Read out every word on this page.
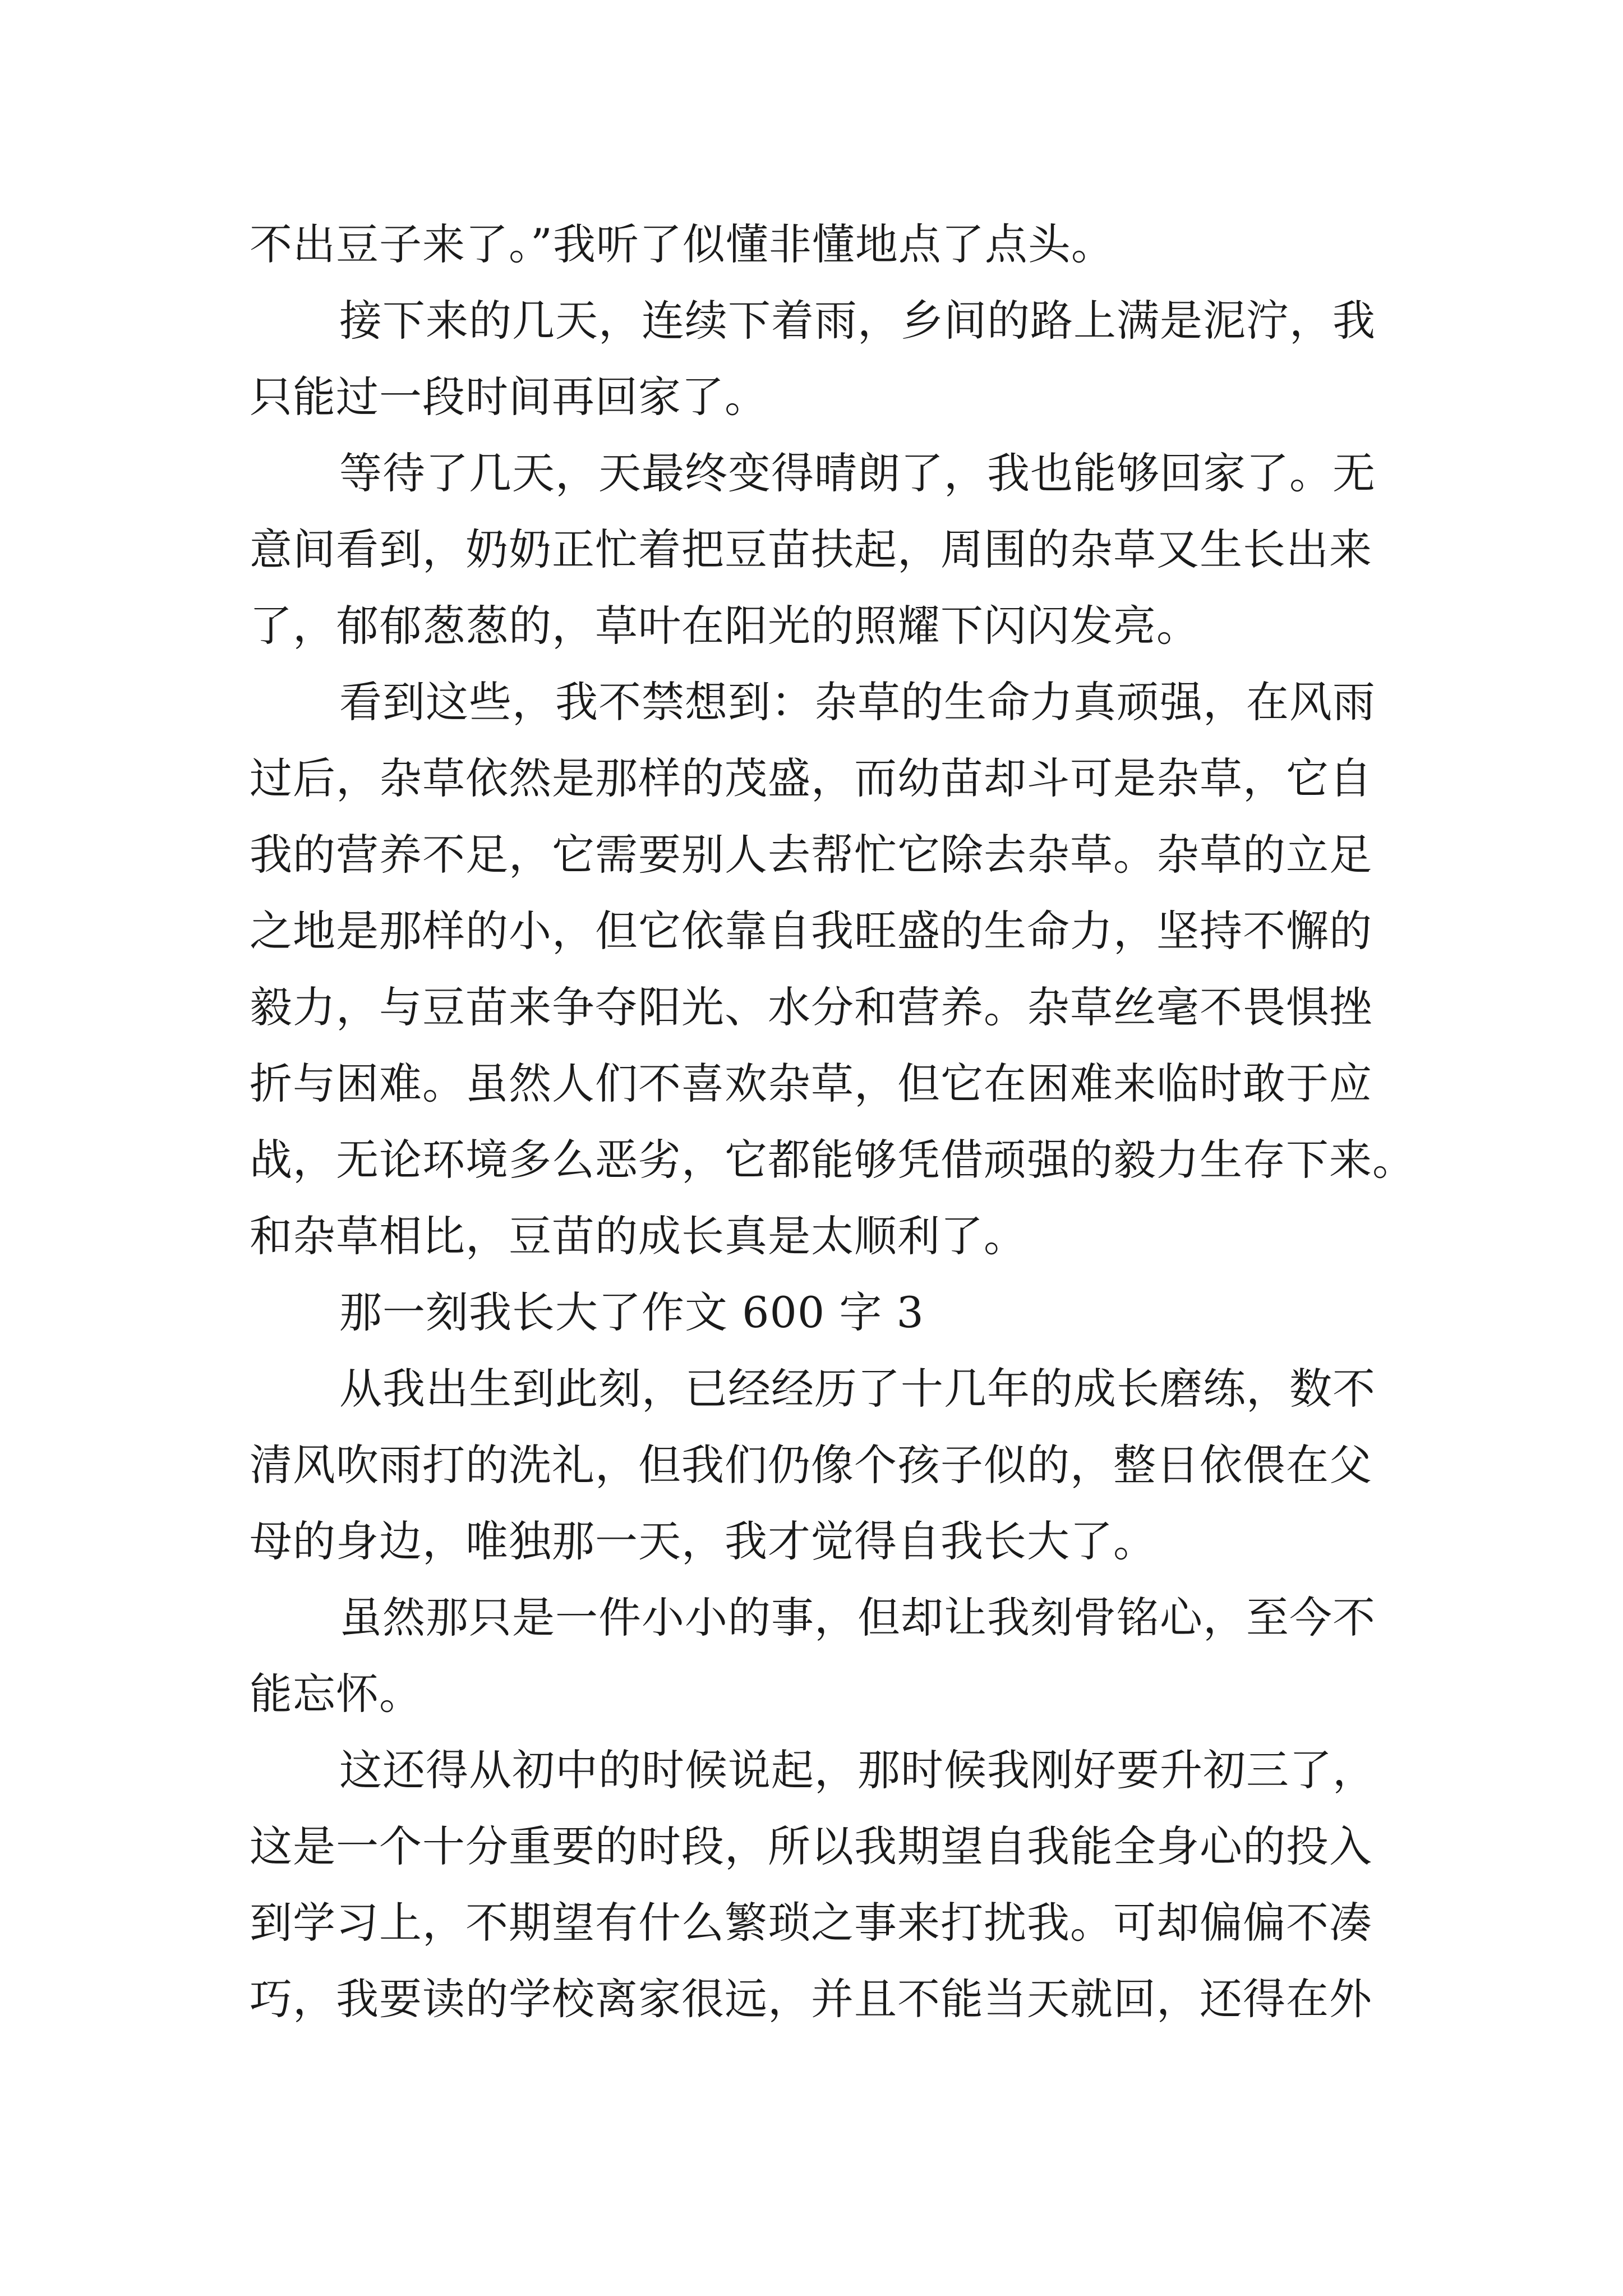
不出豆子来了。”我听了似懂非懂地点了点头。
接下来的几天，连续下着雨，乡间的路上满是泥泞，我
只能过一段时间再回家了。
等待了几天，天最终变得晴朗了，我也能够回家了。无
意间看到，奶奶正忙着把豆苗扶起，周围的杂草又生长出来
了，郁郁葱葱的，草叶在阳光的照耀下闪闪发亮。
看到这些，我不禁想到：杂草的生命力真顽强，在风雨
过后，杂草依然是那样的茂盛，而幼苗却斗可是杂草，它自
我的营养不足，它需要别人去帮忙它除去杂草。杂草的立足
之地是那样的小，但它依靠自我旺盛的生命力，坚持不懈的
毅力，与豆苗来争夺阳光、水分和营养。杂草丝毫不畏惧挫
折与困难。虽然人们不喜欢杂草，但它在困难来临时敢于应
战，无论环境多么恶劣，它都能够凭借顽强的毅力生存下来。
和杂草相比，豆苗的成长真是太顺利了。
那一刻我长大了作文 600 字 3
从我出生到此刻，已经经历了十几年的成长磨练，数不
清风吹雨打的洗礼，但我们仍像个孩子似的，整日依偎在父
母的身边，唯独那一天，我才觉得自我长大了。
虽然那只是一件小小的事，但却让我刻骨铭心，至今不
能忘怀。
这还得从初中的时候说起，那时候我刚好要升初三了，
这是一个十分重要的时段，所以我期望自我能全身心的投入
到学习上，不期望有什么繁琐之事来打扰我。可却偏偏不凑
巧，我要读的学校离家很远，并且不能当天就回，还得在外
